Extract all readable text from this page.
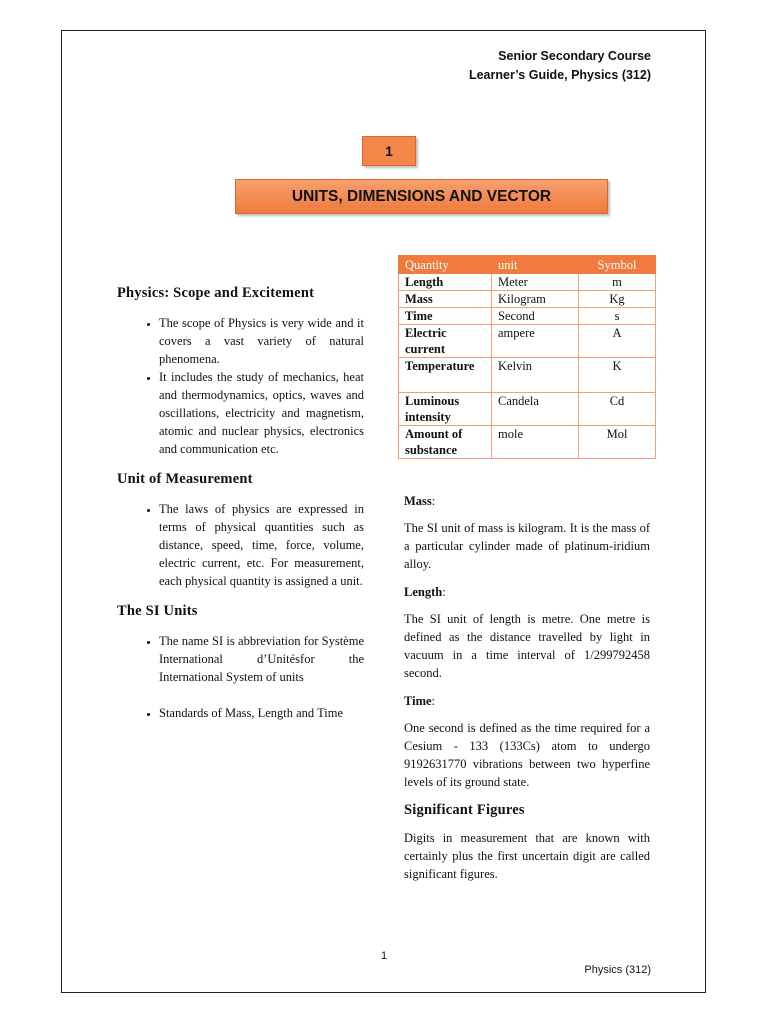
Senior Secondary Course
Learner’s Guide, Physics (312)
1
UNITS, DIMENSIONS AND VECTOR
Physics: Scope and Excitement
• The scope of Physics is very wide and it covers a vast variety of natural phenomena.
• It includes the study of mechanics, heat and thermodynamics, optics, waves and oscillations, electricity and magnetism, atomic and nuclear physics, electronics and communication etc.
Unit of Measurement
• The laws of physics are expressed in terms of physical quantities such as distance, speed, time, force, volume, electric current, etc. For measurement, each physical quantity is assigned a unit.
The SI Units
• The name SI is abbreviation for Système International d’Unitésfor the International System of units
• Standards of Mass, Length and Time
Quantity	unit	Symbol
Length	Meter	m
Mass	Kilogram	Kg
Time	Second	s
Electric current	ampere	A
Temperature	Kelvin	K
Luminous intensity	Candela	Cd
Amount of substance	mole	Mol

Mass:

The SI unit of mass is kilogram. It is the mass of a particular cylinder made of platinum-iridium alloy.

Length:

The SI unit of length is metre. One metre is defined as the distance travelled by light in vacuum in a time interval of 1/299792458 second.

Time:

One second is defined as the time required for a Cesium - 133 (133Cs) atom to undergo 9192631770 vibrations between two hyperfine levels of its ground state.

Significant Figures

Digits in measurement that are known with certainly plus the first uncertain digit are called significant figures.

1
Physics (312)
